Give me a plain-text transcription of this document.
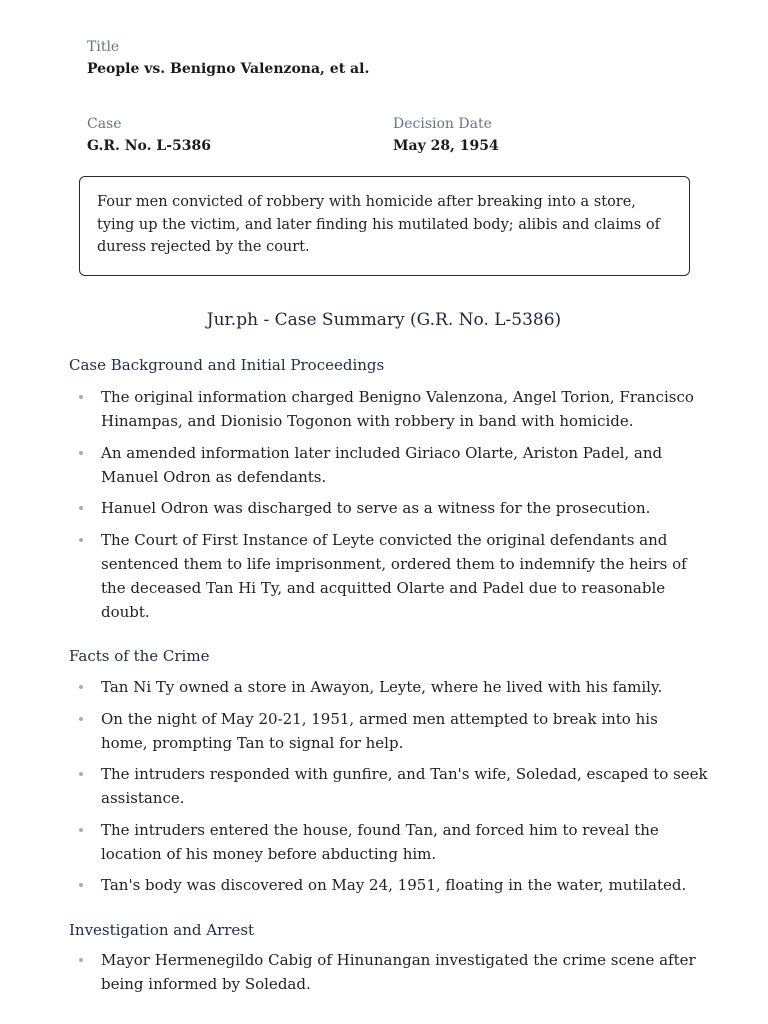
Title
People vs. Benigno Valenzona, et al.
Case
G.R. No. L-5386
Decision Date
May 28, 1954
Four men convicted of robbery with homicide after breaking into a store, tying up the victim, and later finding his mutilated body; alibis and claims of duress rejected by the court.
Jur.ph - Case Summary (G.R. No. L-5386)
Case Background and Initial Proceedings
The original information charged Benigno Valenzona, Angel Torion, Francisco Hinampas, and Dionisio Togonon with robbery in band with homicide.
An amended information later included Giriaco Olarte, Ariston Padel, and Manuel Odron as defendants.
Hanuel Odron was discharged to serve as a witness for the prosecution.
The Court of First Instance of Leyte convicted the original defendants and sentenced them to life imprisonment, ordered them to indemnify the heirs of the deceased Tan Hi Ty, and acquitted Olarte and Padel due to reasonable doubt.
Facts of the Crime
Tan Ni Ty owned a store in Awayon, Leyte, where he lived with his family.
On the night of May 20-21, 1951, armed men attempted to break into his home, prompting Tan to signal for help.
The intruders responded with gunfire, and Tan's wife, Soledad, escaped to seek assistance.
The intruders entered the house, found Tan, and forced him to reveal the location of his money before abducting him.
Tan's body was discovered on May 24, 1951, floating in the water, mutilated.
Investigation and Arrest
Mayor Hermenegildo Cabig of Hinunangan investigated the crime scene after being informed by Soledad.
